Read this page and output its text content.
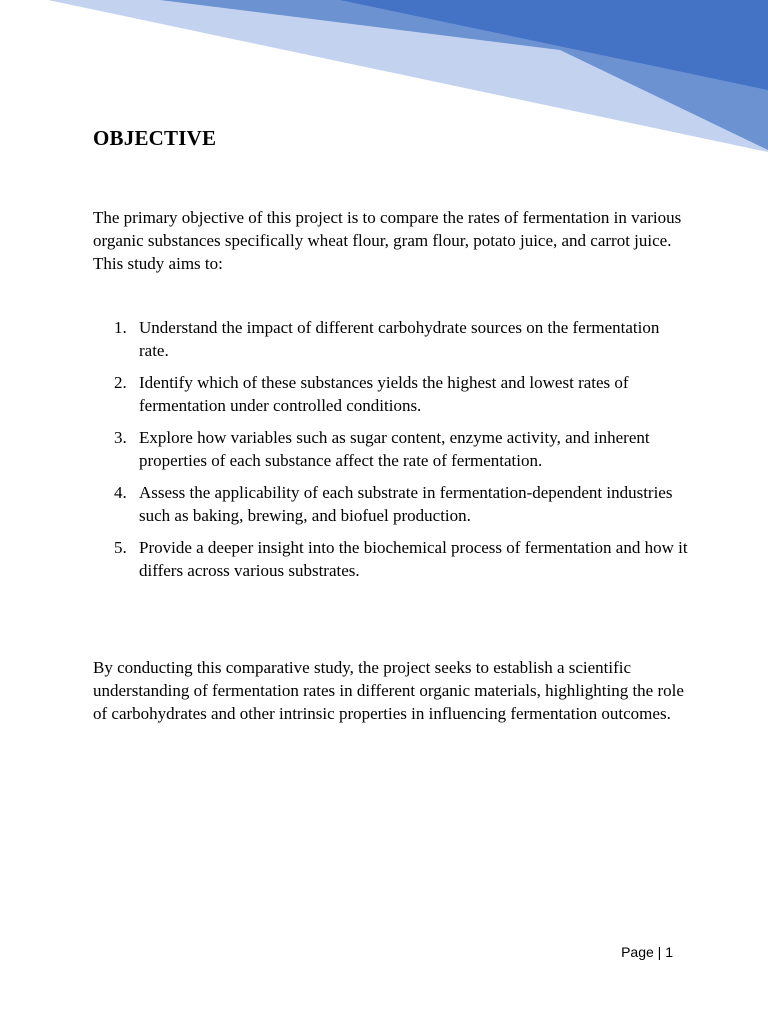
OBJECTIVE

The primary objective of this project is to compare the rates of fermentation in various organic substances specifically wheat flour, gram flour, potato juice, and carrot juice. This study aims to:

1. Understand the impact of different carbohydrate sources on the fermentation rate.
2. Identify which of these substances yields the highest and lowest rates of fermentation under controlled conditions.
3. Explore how variables such as sugar content, enzyme activity, and inherent properties of each substance affect the rate of fermentation.
4. Assess the applicability of each substrate in fermentation-dependent industries such as baking, brewing, and biofuel production.
5. Provide a deeper insight into the biochemical process of fermentation and how it differs across various substrates.

By conducting this comparative study, the project seeks to establish a scientific understanding of fermentation rates in different organic materials, highlighting the role of carbohydrates and other intrinsic properties in influencing fermentation outcomes.

Page | 1
